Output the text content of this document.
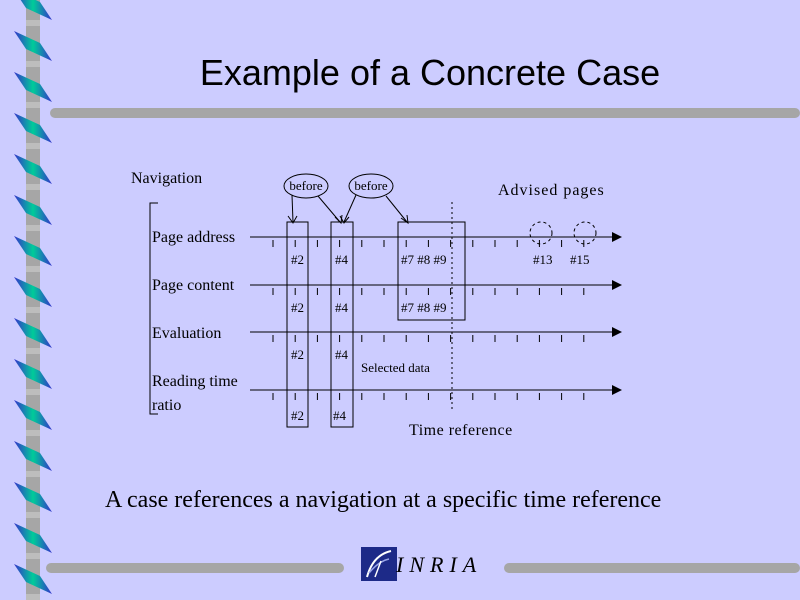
Example of a Concrete Case
Navigation
Advised pages
before before
Page address
Page content
Evaluation
Reading time
ratio
#2 #4	#7 #8 #9	#13 #15
#2 #4	#7 #8 #9
#2 #4
Selected data
#2 #4
Time reference
A case references a navigation at a specific time reference
INRIA
